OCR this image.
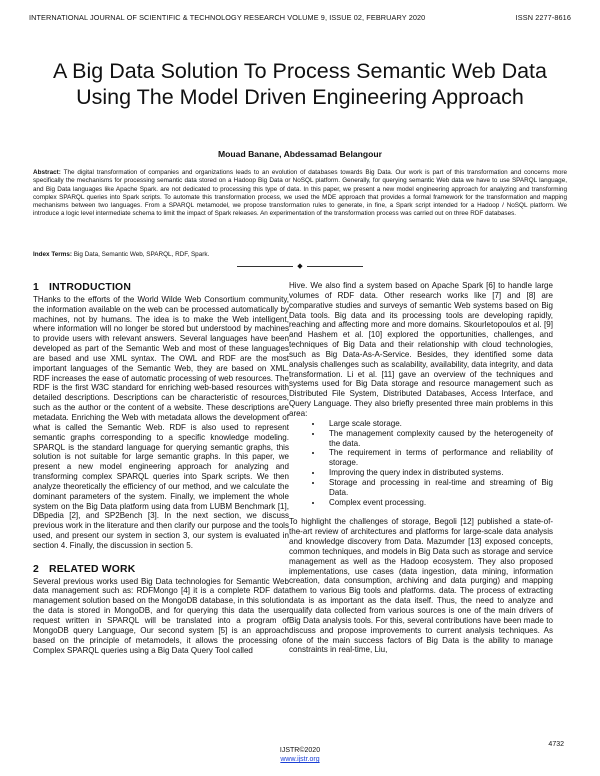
INTERNATIONAL JOURNAL OF SCIENTIFIC & TECHNOLOGY RESEARCH VOLUME 9, ISSUE 02, FEBRUARY 2020	ISSN 2277-8616
A Big Data Solution To Process Semantic Web Data Using The Model Driven Engineering Approach
Mouad Banane, Abdessamad Belangour
Abstract: The digital transformation of companies and organizations leads to an evolution of databases towards Big Data. Our work is part of this transformation and concerns more specifically the mechanisms for processing semantic data stored on a Hadoop Big Data or NoSQL platform. Generally, for querying semantic Web data we have to use SPARQL language, and Big Data languages like Apache Spark. are not dedicated to processing this type of data. In this paper, we present a new model engineering approach for analyzing and transforming complex SPARQL queries into Spark scripts. To automate this transformation process, we used the MDE approach that provides a formal framework for the transformation and mapping mechanisms between two languages. From a SPARQL metamodel, we propose transformation rules to generate, in fine, a Spark script intended for a Hadoop / NoSQL platform. We introduce a logic level intermediate schema to limit the impact of Spark releases. An experimentation of the transformation process was carried out on three RDF databases.
Index Terms: Big Data, Semantic Web, SPARQL, RDF, Spark.
◆
1 INTRODUCTION

THanks to the efforts of the World Wilde Web Consortium community, the information available on the web can be processed automatically by machines, not by humans. The idea is to make the Web intelligent, where information will no longer be stored but understood by machines to provide users with relevant answers. Several languages have been developed as part of the Semantic Web and most of these languages are based and use XML syntax. The OWL and RDF are the most important languages of the Semantic Web, they are based on XML. RDF increases the ease of automatic processing of web resources. The RDF is the first W3C standard for enriching web-based resources with detailed descriptions. Descriptions can be characteristic of resources, such as the author or the content of a website. These descriptions are metadata. Enriching the Web with metadata allows the development of what is called the Semantic Web. RDF is also used to represent semantic graphs corresponding to a specific knowledge modeling. SPARQL is the standard language for querying semantic graphs, this solution is not suitable for large semantic graphs. In this paper, we present a new model engineering approach for analyzing and transforming complex SPARQL queries into Spark scripts. We then analyze theoretically the efficiency of our method, and we calculate the dominant parameters of the system. Finally, we implement the whole system on the Big Data platform using data from LUBM Benchmark [1], DBpedia [2], and SP2Bench [3]. In the next section, we discuss previous work in the literature and then clarify our purpose and the tools used, and present our system in section 3, our system is evaluated in section 4. Finally, the discussion in section 5.

2 RELATED WORK

Several previous works used Big Data technologies for Semantic Web data management such as: RDFMongo [4] it is a complete RDF data management solution based on the MongoDB database, in this solution the data is stored in MongoDB, and for querying this data the user request written in SPARQL will be translated into a program of MongoDB query Language, Our second system [5] is an approach based on the principle of metamodels, it allows the processing of Complex SPARQL queries using a Big Data Query Tool called

Hive. We also find a system based on Apache Spark [6] to handle large volumes of RDF data. Other research works like [7] and [8] are comparative studies and surveys of semantic Web systems based on Big Data tools. Big data and its processing tools are developing rapidly, reaching and affecting more and more domains. Skourletopoulos et al. [9] and Hashem et al. [10] explored the opportunities, challenges, and techniques of Big Data and their relationship with cloud technologies, such as Big Data-As-A-Service. Besides, they identified some data analysis challenges such as scalability, availability, data integrity, and data transformation. Li et al. [11] gave an overview of the techniques and systems used for Big Data storage and resource management such as Distributed File System, Distributed Databases, Access Interface, and Query Language. They also briefly presented three main problems in this area:

• Large scale storage.
• The management complexity caused by the heterogeneity of the data.
• The requirement in terms of performance and reliability of storage.
• Improving the query index in distributed systems.
• Storage and processing in real-time and streaming of Big Data.
• Complex event processing.

To highlight the challenges of storage, Begoli [12] published a state-of-the-art review of architectures and platforms for large-scale data analysis and knowledge discovery from Data. Mazumder [13] exposed concepts, common techniques, and models in Big Data such as storage and service management as well as the Hadoop ecosystem. They also proposed implementations, use cases (data ingestion, data mining, information creation, data consumption, archiving and data purging) and mapping them to various Big tools and platforms. data. The process of extracting data is as important as the data itself. Thus, the need to analyze and qualify data collected from various sources is one of the main drivers of Big Data analysis tools. For this, several contributions have been made to discuss and propose improvements to current analysis techniques. As one of the main success factors of Big Data is the ability to manage constraints in real-time, Liu,

4732
IJSTR©2020
www.ijstr.org
